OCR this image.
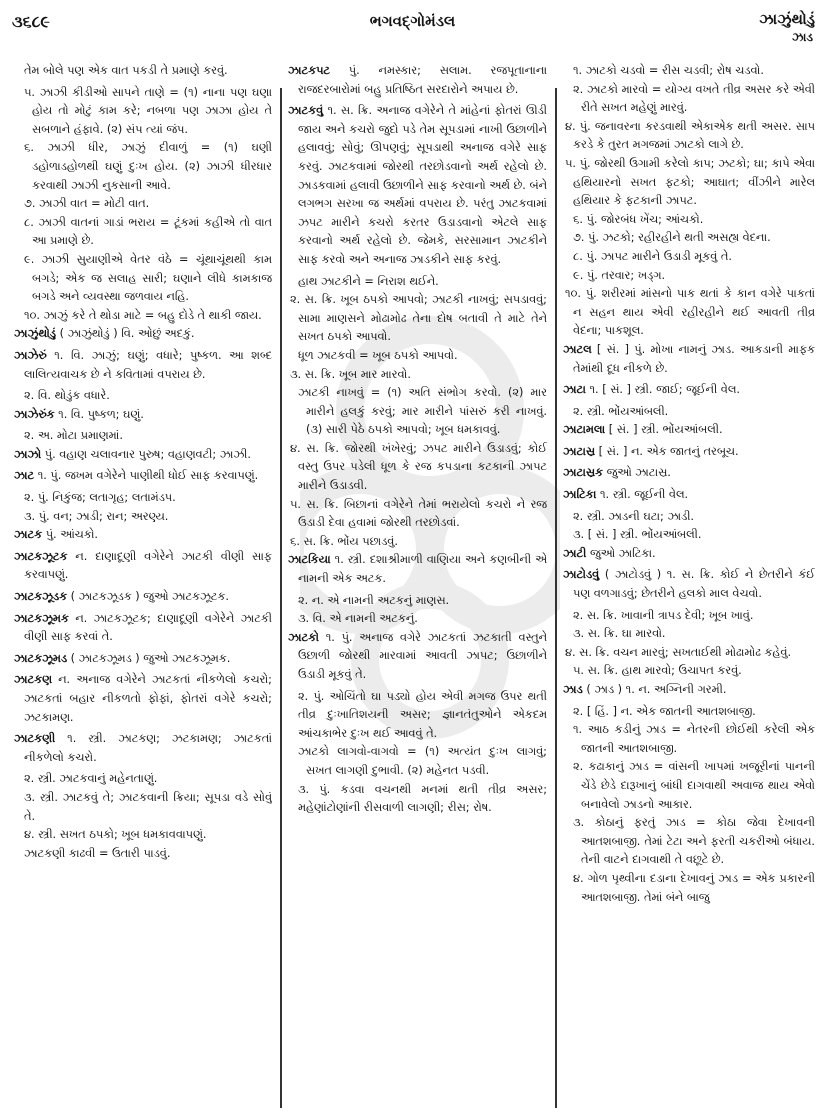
૩૬૮૯	ભગવદ્ગોમંડલ	ઝાઝુંથોડું
ઝાડ
તેમ બોલે પણ એક વાત પકડી તે પ્રમાણે કરવું.
૫. ઝાઝી કીડીઓ સાપને તાણે = (૧) નાના પણ ઘણા હોય તો મોટું કામ કરે; નબળા પણ ઝાઝા હોય તે સબળાને હંફાવે. (૨) સંપ ત્યાં જંપ.
૬. ઝાઝી ધીર, ઝાઝું દીવાળું = (૧) ઘણી ડહોળાડહોળથી ઘણું દુઃખ હોય. (૨) ઝાઝી ધીરધાર કરવાથી ઝાઝી નુકસાની આવે.
૭. ઝાઝી વાત = મોટી વાત.
૮. ઝાઝી વાતનાં ગાડાં ભરાય = ટૂંકમાં કહીએ તો વાત આ પ્રમાણે છે.
૯. ઝાઝી સુયાણીએ વેતર વંઠે = ચૂંથાચૂંથથી કામ બગડે; એક જ સલાહ સારી; ઘણાને લીધે કામકાજ બગડે અને વ્યવસ્થા જળવાય નહિ.
૧૦. ઝાઝું કરે તે થોડા માટે = બહુ દોડે તે થાકી જાય.
ઝાઝુંથોડું ( ઝાઝુંથોડું ) વિ. ઓછું અદકું.
ઝાઝેરું ૧. વિ. ઝાઝું; ઘણું; વધારે; પુષ્કળ. આ શબ્દ લાલિત્યવાચક છે ને કવિતામાં વપરાય છે.
૨. વિ. થોડુંક વધારે.
ઝાઝેરુંક ૧. વિ. પુષ્કળ; ઘણું.
૨. અ. મોટા પ્રમાણમાં.
ઝાઝો પું. વહાણ ચલાવનાર પુરુષ; વહાણવટી; ઝાઝી.
ઝાટ ૧. પું. જખમ વગેરેને પાણીથી ધોઈ સાફ કરવાપણું.
૨. પું. નિકુંજ; લતાગૃહ; લતામંડપ.
૩. પું. વન; ઝાડી; રાન; અરણ્ય.
ઝાટક પું. આંચકો.
ઝાટકઝૂટક ન. દાણાદૂણી વગેરેને ઝાટકી વીણી સાફ કરવાપણું.
ઝાટકઝૂડક ( ઝાટકઝૂડક ) જુઓ ઝાટકઝૂટક.
ઝાટકઝૂમક ન. ઝાટકઝૂટક; દાણાદૂણી વગેરેને ઝાટકી વીણી સાફ કરવાં તે.
ઝાટકઝૂમડ ( ઝાટકઝૂમડ ) જુઓ ઝાટકઝૂમક.
ઝાટકણ ન. અનાજ વગેરેને ઝાટકતાં નીકળેલો કચરો; ઝાટકતાં બહાર નીકળતો ફોફાં, ફોતરાં વગેરે કચરો; ઝટકામણ.
ઝાટકણી ૧. સ્ત્રી. ઝાટકણ; ઝટકામણ; ઝાટકતાં નીકળેલો કચરો.
૨. સ્ત્રી. ઝાટકવાનું મહેનતાણું.
૩. સ્ત્રી. ઝાટકવું તે; ઝાટકવાની ક્રિયા; સૂપડા વડે સોવું તે.
૪. સ્ત્રી. સખત ઠપકો; ખૂબ ધમકાવવાપણું.
ઝાટકણી કાઢવી = ઉતારી પાડવું.
ઝાટકપટ પું. નમસ્કાર; સલામ. રજપૂતાનાના રાજદરબારોમાં બહુ પ્રતિષ્ઠિત સરદારોને અપાય છે.
ઝાટકવું ૧. સ. ક્રિ. અનાજ વગેરેને તે માંહેનાં ફોતરાં ઊડી જાય અને કચરો જુદો પડે તેમ સૂપડામાં નાખી ઉછાળીને હલાવવું; સોવું; ઊપણવું; સૂપડાથી અનાજ વગેરે સાફ કરવું. ઝાટકવામાં જોરથી તરછોડવાનો અર્થ રહેલો છે. ઝાડકવામાં હલાવી ઉછાળીને સાફ કરવાનો અર્થ છે. બંને લગભગ સરખા જ અર્થમાં વપરાય છે. પરંતુ ઝાટકવામાં ઝપટ મારીને કચરો કરતર ઉડાડવાનો એટલે સાફ કરવાનો અર્થ રહેલો છે. જેમકે, સરસામાન ઝાટકીને સાફ કરવો અને અનાજ ઝાડકીને સાફ કરવું.
હાથ ઝાટકીને = નિરાશ થઈને.
૨. સ. ક્રિ. ખૂબ ઠપકો આપવો; ઝાટકી નાખવું; સપડાવવું; સામા માણસને મોઢામોઢ તેના દોષ બતાવી તે માટે તેને સખત ઠપકો આપવો.
ધૂળ ઝાટકવી = ખૂબ ઠપકો આપવો.
૩. સ. ક્રિ. ખૂબ માર મારવો.
ઝાટકી નાખવું = (૧) અતિ સંભોગ કરવો. (૨) માર મારીને હલકું કરવું; માર મારીને પાંસરું કરી નાખવું. (૩) સારી પેઠે ઠપકો આપવો; ખૂબ ધમકાવવું.
૪. સ. ક્રિ. જોરથી ખંખેરવું; ઝપટ મારીને ઉડાડવું; કોઈ વસ્તુ ઉપર પડેલી ધૂળ કે રજ કપડાના કટકાની ઝાપટ મારીને ઉડાડવી.
૫. સ. ક્રિ. બિછાનાં વગેરેને તેમાં ભરાયેલો કચરો ને રજ ઉડાડી દેવા હવામાં જોરથી તરછોડવાં.
૬. સ. ક્રિ. ભોંય પછાડવું.
ઝાટકિયા ૧. સ્ત્રી. દશાશ્રીમાળી વાણિયા અને કણબીની એ નામની એક અટક.
૨. ન. એ નામની અટકનું માણસ.
૩. વિ. એ નામની અટકનું.
ઝાટકો ૧. પું. અનાજ વગેરે ઝાટકતાં ઝટકાતી વસ્તુને ઉછાળી જોરથી મારવામાં આવતી ઝાપટ; ઉછાળીને ઉડાડી મૂકવું તે.
૨. પું. ઓચિંતો ઘા પડ્યો હોય એવી મગજ ઉપર થતી તીવ્ર દુઃખાતિશયની અસર; જ્ઞાનતંતુઓને એકદમ આંચકાભેર દુઃખ થઈ આવવું તે.
ઝાટકો લાગવો-વાગવો = (૧) અત્યંત દુઃખ લાગવું; સખત લાગણી દુભાવી. (૨) મહેનત પડવી.
૩. પું. કડવા વચનથી મનમાં થતી તીવ્ર અસર; મહેણાંટોણાંની રીસવાળી લાગણી; રીસ; રોષ.
૧. ઝાટકો ચડવો = રીસ ચડવી; રોષ ચડવો.
૨. ઝાટકો મારવો = યોગ્ય વખતે તીવ્ર અસર કરે એવી રીતે સખત મહેણું મારવું.
૪. પું. જનાવરના કરડવાથી એકાએક થતી અસર. સાપ કરડે કે તુરત મગજમાં ઝાટકો લાગે છે.
૫. પું. જોરથી ઉગામી કરેલો કાપ; ઝટકો; ઘા; કાપે એવા હથિયારનો સખત ફટકો; આઘાત; વીંઝીને મારેલ હથિયાર કે ફટકાની ઝાપટ.
૬. પું. જોરબંધ ખેંચ; આંચકો.
૭. પું. ઝટકો; રહીરહીને થતી અસહ્ય વેદના.
૮. પું. ઝાપટ મારીને ઉડાડી મૂકવું તે.
૯. પું. તરવાર; ખડ્ગ.
૧૦. પું. શરીરમાં માંસનો પાક થતાં કે કાન વગેરે પાકતાં ન સહન થાય એવી રહીરહીને થઈ આવતી તીવ્ર વેદના; પાકશૂલ.
ઝાટલ [ સં. ] પું. મોખા નામનું ઝાડ. આકડાની માફક તેમાંથી દૂધ નીકળે છે.
ઝાટા ૧. [ સં. ] સ્ત્રી. જાઈ; જૂઈની વેલ.
૨. સ્ત્રી. ભોંયઆંબલી.
ઝાટામલા [ સં. ] સ્ત્રી. ભોંયઆંબલી.
ઝાટાસ્ર [ સં. ] ન. એક જાતનું તરબૂચ.
ઝાટાસ્રક જુઓ ઝાટાસ્ર.
ઝાટિકા ૧. સ્ત્રી. જૂઈની વેલ.
૨. સ્ત્રી. ઝાડની ઘટા; ઝાડી.
૩. [ સં. ] સ્ત્રી. ભોંયઆંબલી.
ઝાટી જુઓ ઝાટિકા.
ઝાટોડવું ( ઝાટોડવું ) ૧. સ. ક્રિ. કોઈ ને છેતરીને કંઈ પણ વળગાડવું; છેતરીને હલકો માલ વેચવો.
૨. સ. ક્રિ. ખાવાની ત્રાપડ દેવી; ખૂબ ખાવું.
૩. સ. ક્રિ. ઘા મારવો.
૪. સ. ક્રિ. વચન મારવું; સખતાઈથી મોઢામોઢ કહેવું.
૫. સ. ક્રિ. હાથ મારવો; ઉચાપત કરવું.
ઝાડ ( ઝાડ ) ૧. ન. અગ્નિની ગરમી.
૨. [ હિં. ] ન. એક જાતની આતશબાજી.
૧. આઠ કડીનું ઝાડ = નેતરની છોઈથી કરેલી એક જાતની આતશબાજી.
૨. કઢાકાનું ઝાડ = વાંસની ખાપમાં ખજૂરીનાં પાનની ચેંડે છેડે દારૂખાનું બાંધી દાગવાથી અવાજ થાય એવો બનાવેલો ઝાડનો આકાર.
૩. કોઠાનું ફરતું ઝાડ = કોઠા જેવા દેખાવની આતશબાજી. તેમાં ટેટા અને ફરતી ચકરીઓ બંધાય. તેની વાટને દાગવાથી તે વછૂટે છે.
૪. ગોળ પૃથ્વીના દડાના દેખાવનું ઝાડ = એક પ્રકારની આતશબાજી. તેમાં બંને બાજુ
